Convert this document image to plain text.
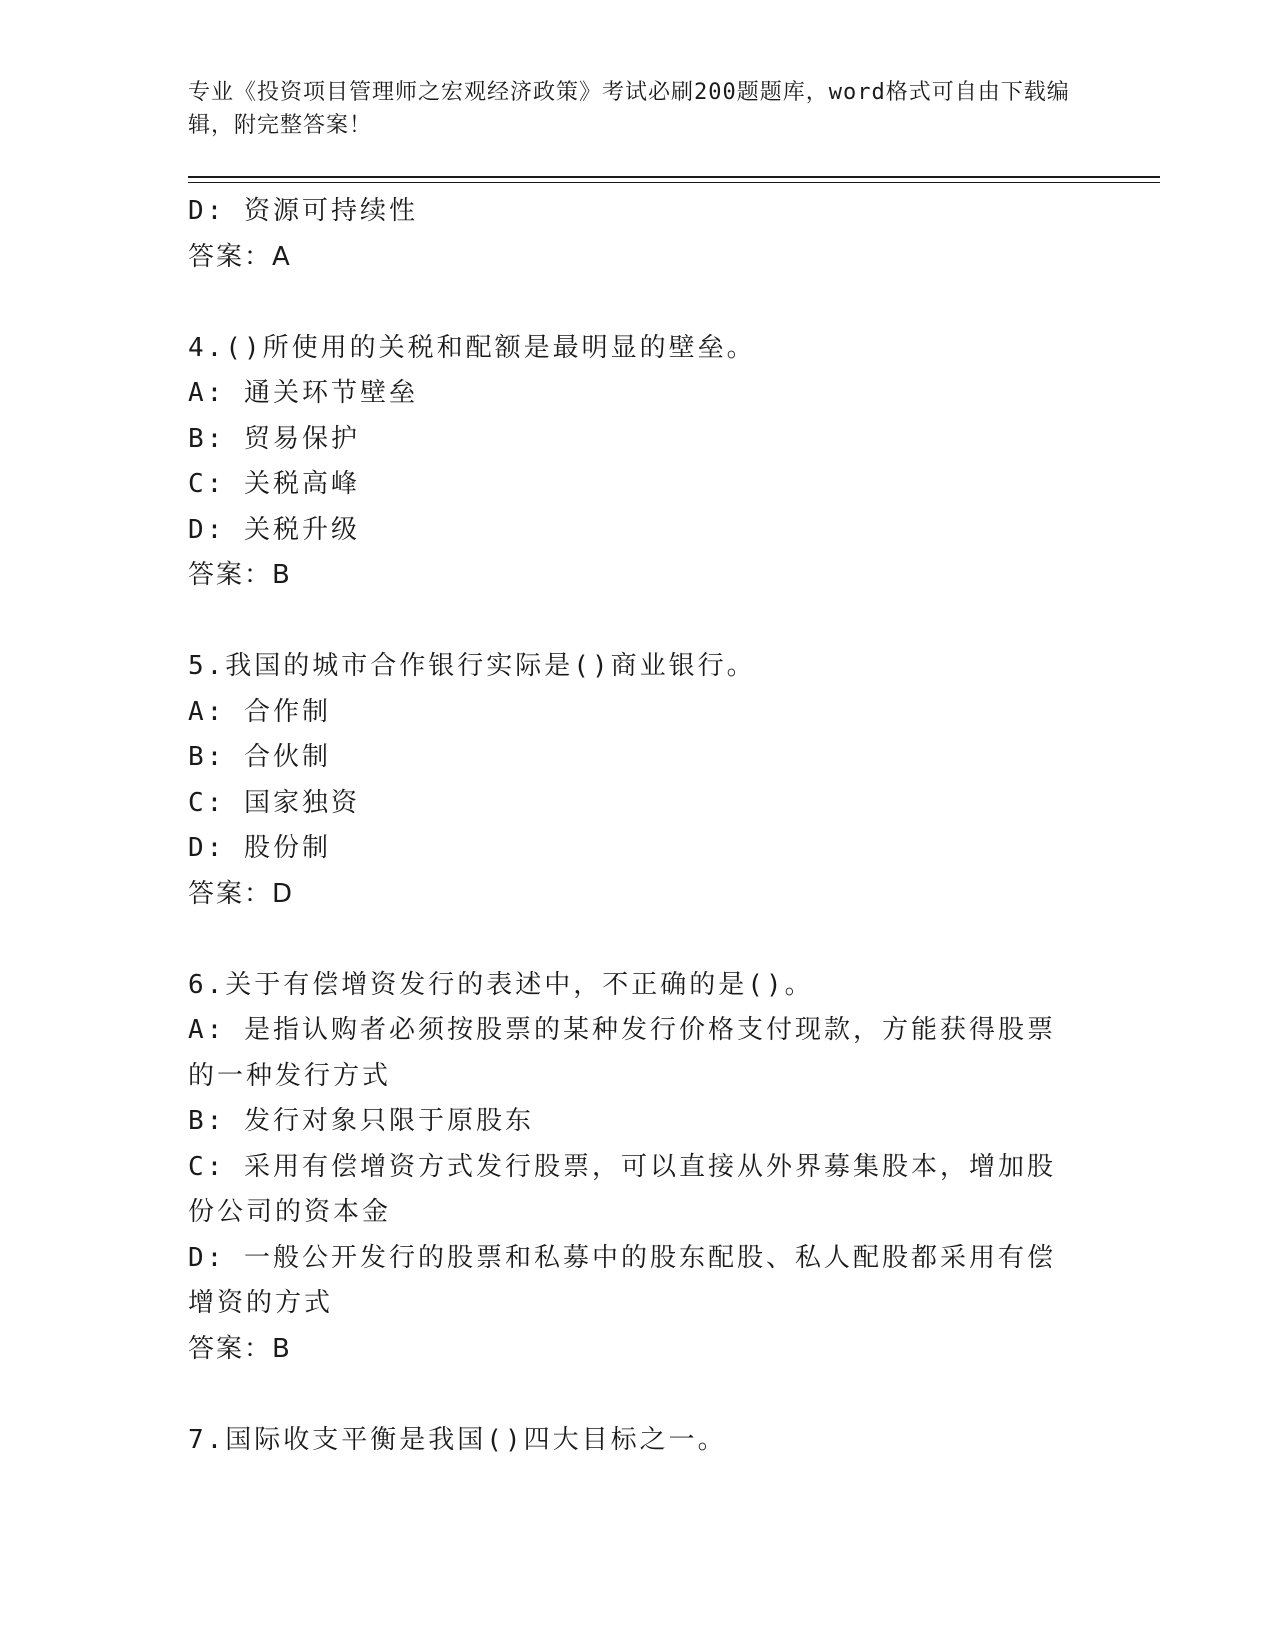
专业《投资项目管理师之宏观经济政策》考试必刷200题题库，word格式可自由下载编辑，附完整答案！
D: 资源可持续性
答案：A
4.()所使用的关税和配额是最明显的壁垒。
A: 通关环节壁垒
B: 贸易保护
C: 关税高峰
D: 关税升级
答案：B
5.我国的城市合作银行实际是()商业银行。
A: 合作制
B: 合伙制
C: 国家独资
D: 股份制
答案：D
6.关于有偿增资发行的表述中，不正确的是()。
A: 是指认购者必须按股票的某种发行价格支付现款，方能获得股票的一种发行方式
B: 发行对象只限于原股东
C: 采用有偿增资方式发行股票，可以直接从外界募集股本，增加股份公司的资本金
D: 一般公开发行的股票和私募中的股东配股、私人配股都采用有偿增资的方式
答案：B
7.国际收支平衡是我国()四大目标之一。
